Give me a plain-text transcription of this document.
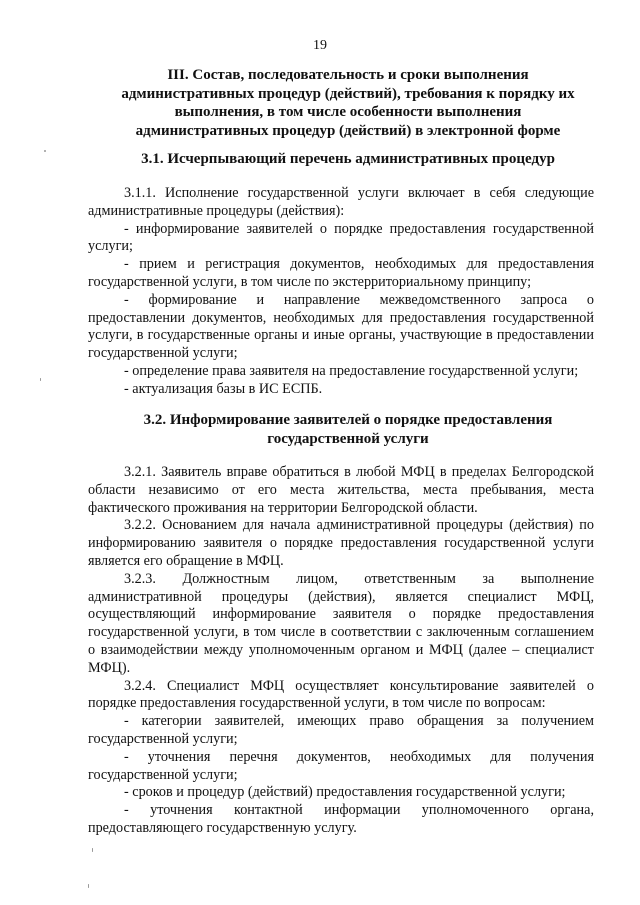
19
III. Состав, последовательность и сроки выполнения административных процедур (действий), требования к порядку их выполнения, в том числе особенности выполнения административных процедур (действий) в электронной форме
3.1. Исчерпывающий перечень административных процедур

3.1.1. Исполнение государственной услуги включает в себя следующие административные процедуры (действия):

- информирование заявителей о порядке предоставления государственной услуги;

- прием и регистрация документов, необходимых для предоставления государственной услуги, в том числе по экстерриториальному принципу;

- формирование и направление межведомственного запроса о предоставлении документов, необходимых для предоставления государственной услуги, в государственные органы и иные органы, участвующие в предоставлении государственной услуги;

- определение права заявителя на предоставление государственной услуги;

- актуализация базы в ИС ЕСПБ.

3.2. Информирование заявителей о порядке предоставления государственной услуги

3.2.1. Заявитель вправе обратиться в любой МФЦ в пределах Белгородской области независимо от его места жительства, места пребывания, места фактического проживания на территории Белгородской области.

3.2.2. Основанием для начала административной процедуры (действия) по информированию заявителя о порядке предоставления государственной услуги является его обращение в МФЦ.

3.2.3. Должностным лицом, ответственным за выполнение административной процедуры (действия), является специалист МФЦ, осуществляющий информирование заявителя о порядке предоставления государственной услуги, в том числе в соответствии с заключенным соглашением о взаимодействии между уполномоченным органом и МФЦ (далее – специалист МФЦ).

3.2.4. Специалист МФЦ осуществляет консультирование заявителей о порядке предоставления государственной услуги, в том числе по вопросам:

- категории заявителей, имеющих право обращения за получением государственной услуги;

- уточнения перечня документов, необходимых для получения государственной услуги;

- сроков и процедур (действий) предоставления государственной услуги;

- уточнения контактной информации уполномоченного органа, предоставляющего государственную услугу.
